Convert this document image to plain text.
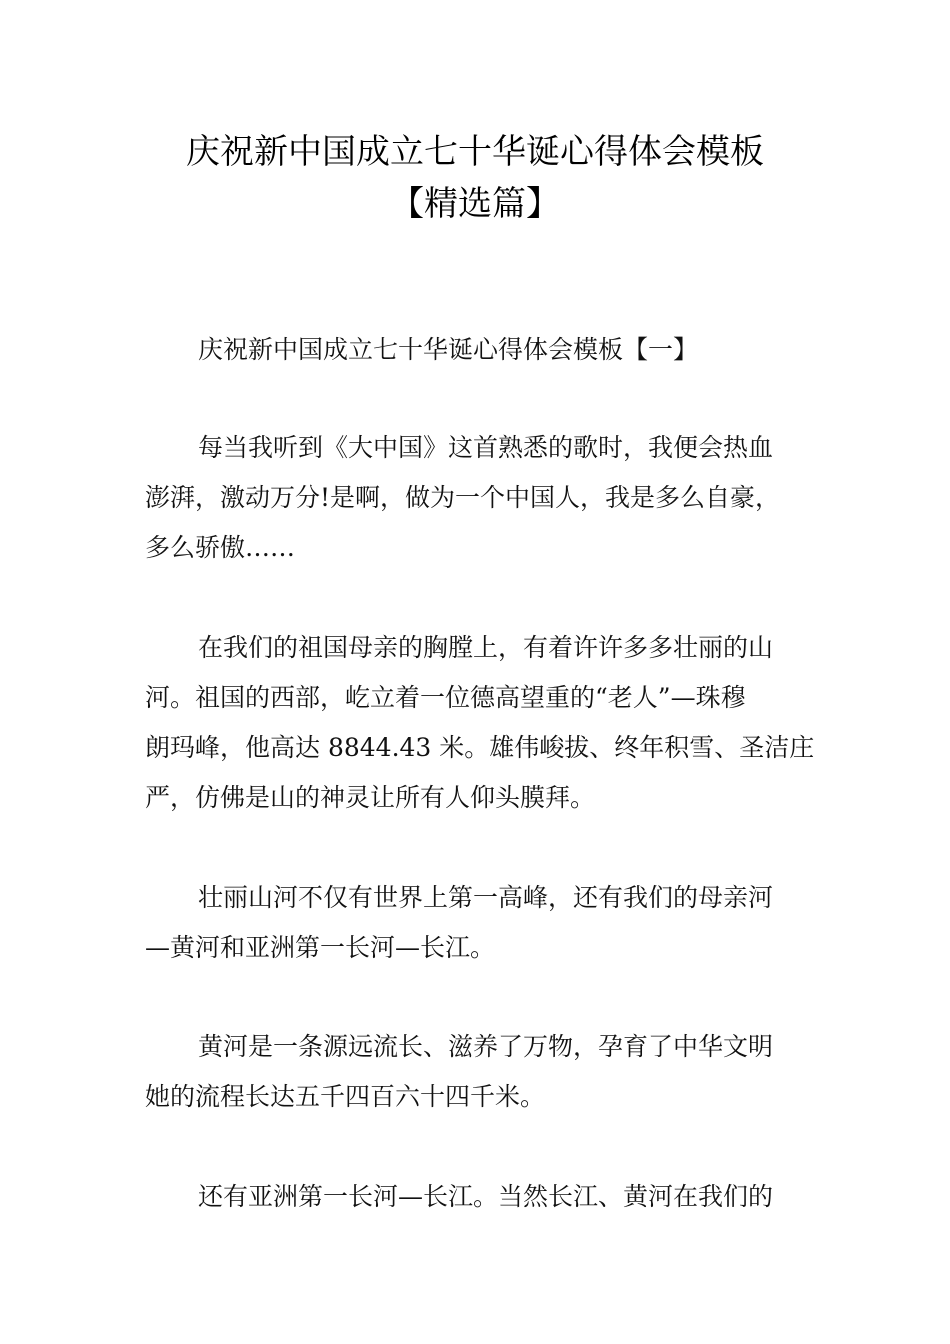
庆祝新中国成立七十华诞心得体会模板
【精选篇】
庆祝新中国成立七十华诞心得体会模板【一】
每当我听到《大中国》这首熟悉的歌时，我便会热血
澎湃，激动万分!是啊，做为一个中国人，我是多么自豪，
多么骄傲……
在我们的祖国母亲的胸膛上，有着许许多多壮丽的山
河。祖国的西部，屹立着一位德高望重的“老人”—珠穆
朗玛峰，他高达 8844.43 米。雄伟峻拔、终年积雪、圣洁庄
严，仿佛是山的神灵让所有人仰头膜拜。
壮丽山河不仅有世界上第一高峰，还有我们的母亲河
—黄河和亚洲第一长河—长江。
黄河是一条源远流长、滋养了万物，孕育了中华文明
她的流程长达五千四百六十四千米。
还有亚洲第一长河—长江。当然长江、黄河在我们的
